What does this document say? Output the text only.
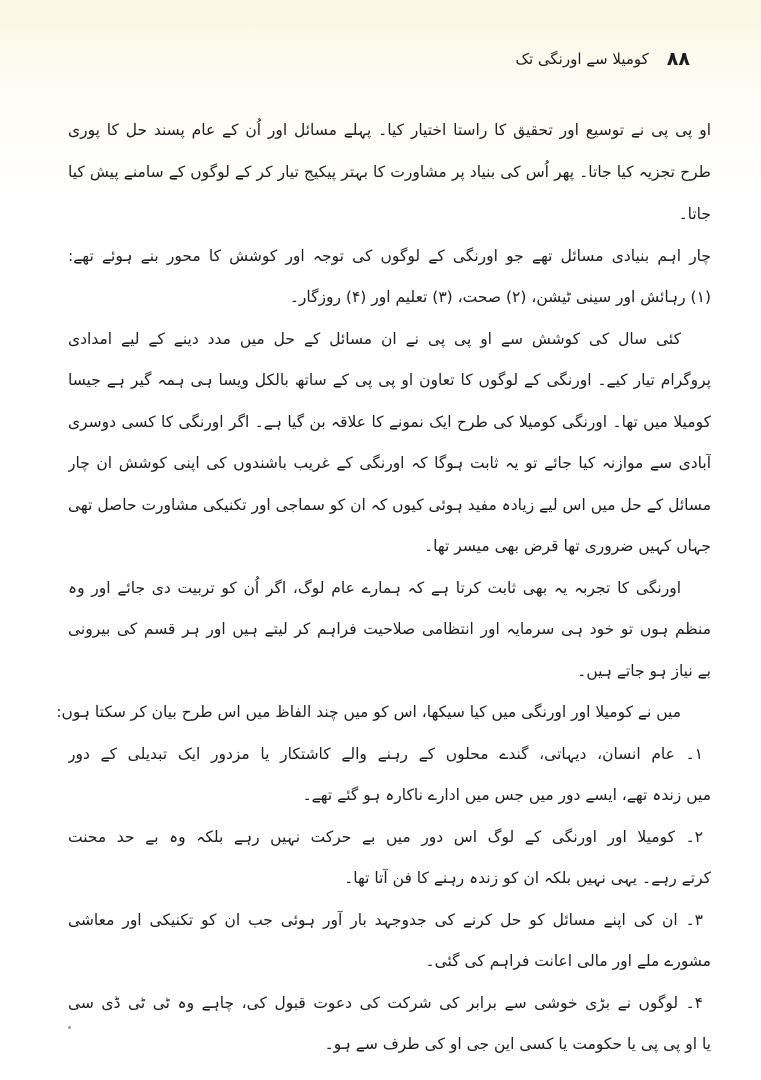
۸۸
کومیلا سے اورنگی تک
او پی پی نے توسیع اور تحقیق کا راستا اختیار کیا۔ پہلے مسائل اور اُن کے عام پسند حل کا پوری
طرح تجزیہ کیا جاتا۔ پھر اُس کی بنیاد پر مشاورت کا بہتر پیکیج تیار کر کے لوگوں کے سامنے پیش کیا
جاتا۔
چار اہم بنیادی مسائل تھے جو اورنگی کے لوگوں کی توجہ اور کوشش کا محور بنے ہوئے تھے:
(۱) رہائش اور سینی ٹیشن، (۲) صحت، (۳) تعلیم اور (۴) روزگار۔
کئی سال کی کوشش سے او پی پی نے ان مسائل کے حل میں مدد دینے کے لیے امدادی
پروگرام تیار کیے۔ اورنگی کے لوگوں کا تعاون او پی پی کے ساتھ بالکل ویسا ہی ہمہ گیر ہے جیسا
کومیلا میں تھا۔ اورنگی کومیلا کی طرح ایک نمونے کا علاقہ بن گیا ہے۔ اگر اورنگی کا کسی دوسری
آبادی سے موازنہ کیا جائے تو یہ ثابت ہوگا کہ اورنگی کے غریب باشندوں کی اپنی کوشش ان چار
مسائل کے حل میں اس لیے زیادہ مفید ہوئی کیوں کہ ان کو سماجی اور تکنیکی مشاورت حاصل تھی
جہاں کہیں ضروری تھا قرض بھی میسر تھا۔
اورنگی کا تجربہ یہ بھی ثابت کرتا ہے کہ ہمارے عام لوگ، اگر اُن کو تربیت دی جائے اور وہ
منظم ہوں تو خود ہی سرمایہ اور انتظامی صلاحیت فراہم کر لیتے ہیں اور ہر قسم کی بیرونی
بے نیاز ہو جاتے ہیں۔
میں نے کومیلا اور اورنگی میں کیا سیکھا، اس کو میں چند الفاظ میں اس طرح بیان کر سکتا ہوں:
۱۔ عام انسان، دیہاتی، گندے محلوں کے رہنے والے کاشتکار یا مزدور ایک تبدیلی کے دور
میں زندہ تھے، ایسے دور میں جس میں ادارے ناکارہ ہو گئے تھے۔
۲۔ کومیلا اور اورنگی کے لوگ اس دور میں بے حرکت نہیں رہے بلکہ وہ بے حد محنت
کرتے رہے۔ یہی نہیں بلکہ ان کو زندہ رہنے کا فن آتا تھا۔
۳۔ ان کی اپنے مسائل کو حل کرنے کی جدوجہد بار آور ہوئی جب ان کو تکنیکی اور معاشی
مشورے ملے اور مالی اعانت فراہم کی گئی۔
۴۔ لوگوں نے بڑی خوشی سے برابر کی شرکت کی دعوت قبول کی، چاہے وہ ٹی ٹی ڈی سی
یا او پی پی یا حکومت یا کسی این جی او کی طرف سے ہو۔
